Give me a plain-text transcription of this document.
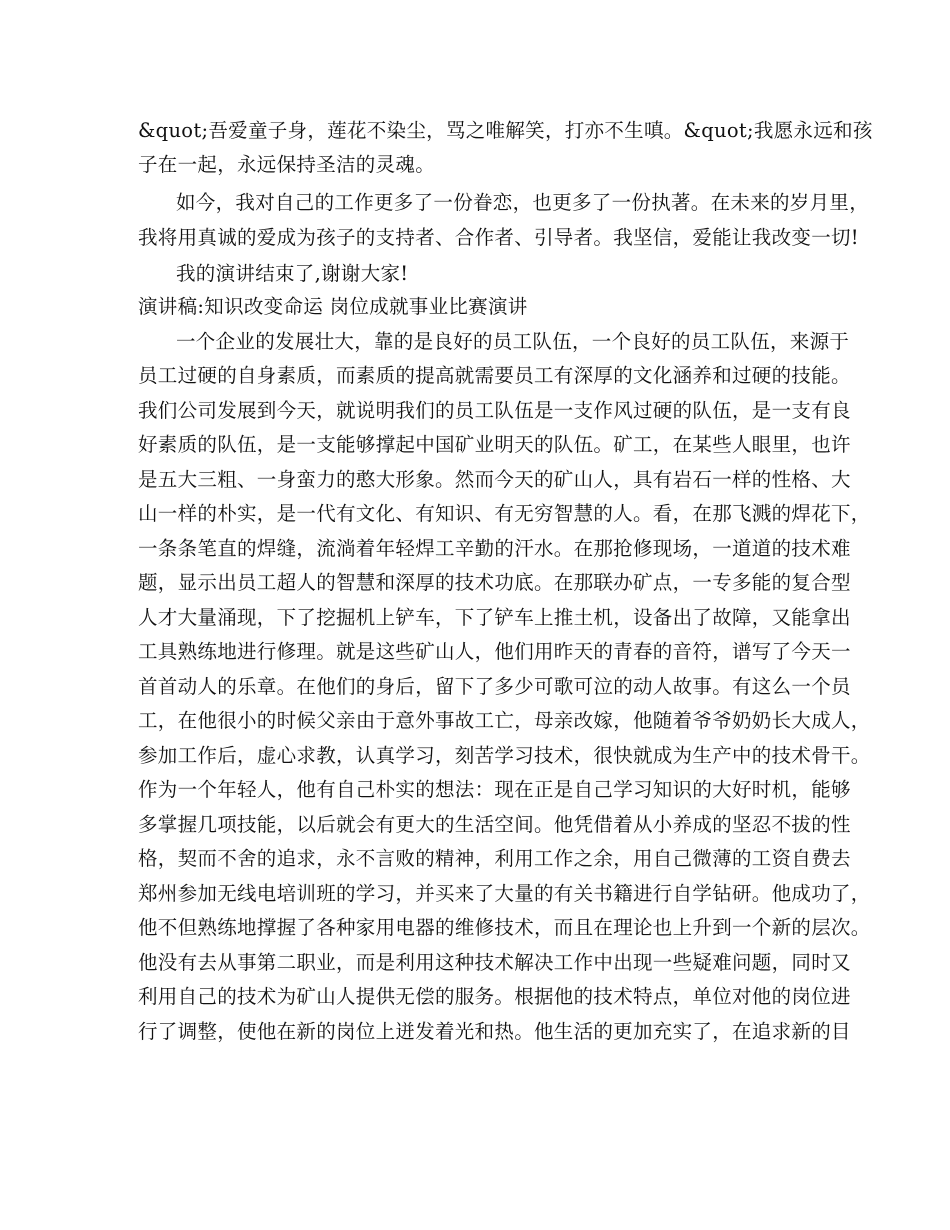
&quot;吾爱童子身，莲花不染尘，骂之唯解笑，打亦不生嗔。&quot;我愿永远和孩
子在一起，永远保持圣洁的灵魂。
如今，我对自己的工作更多了一份眷恋，也更多了一份执著。在未来的岁月里，
我将用真诚的爱成为孩子的支持者、合作者、引导者。我坚信，爱能让我改变一切!
我的演讲结束了,谢谢大家!
演讲稿:知识改变命运 岗位成就事业比赛演讲
一个企业的发展壮大，靠的是良好的员工队伍，一个良好的员工队伍，来源于
员工过硬的自身素质，而素质的提高就需要员工有深厚的文化涵养和过硬的技能。
我们公司发展到今天，就说明我们的员工队伍是一支作风过硬的队伍，是一支有良
好素质的队伍，是一支能够撑起中国矿业明天的队伍。矿工，在某些人眼里，也许
是五大三粗、一身蛮力的憨大形象。然而今天的矿山人，具有岩石一样的性格、大
山一样的朴实，是一代有文化、有知识、有无穷智慧的人。看，在那飞溅的焊花下，
一条条笔直的焊缝，流淌着年轻焊工辛勤的汗水。在那抢修现场，一道道的技术难
题，显示出员工超人的智慧和深厚的技术功底。在那联办矿点，一专多能的复合型
人才大量涌现，下了挖掘机上铲车，下了铲车上推土机，设备出了故障，又能拿出
工具熟练地进行修理。就是这些矿山人，他们用昨天的青春的音符，谱写了今天一
首首动人的乐章。在他们的身后，留下了多少可歌可泣的动人故事。有这么一个员
工，在他很小的时候父亲由于意外事故工亡，母亲改嫁，他随着爷爷奶奶长大成人，
参加工作后，虚心求教，认真学习，刻苦学习技术，很快就成为生产中的技术骨干。
作为一个年轻人，他有自己朴实的想法：现在正是自己学习知识的大好时机，能够
多掌握几项技能，以后就会有更大的生活空间。他凭借着从小养成的坚忍不拔的性
格，契而不舍的追求，永不言败的精神，利用工作之余，用自己微薄的工资自费去
郑州参加无线电培训班的学习，并买来了大量的有关书籍进行自学钻研。他成功了，
他不但熟练地撑握了各种家用电器的维修技术，而且在理论也上升到一个新的层次。
他没有去从事第二职业，而是利用这种技术解决工作中出现一些疑难问题，同时又
利用自己的技术为矿山人提供无偿的服务。根据他的技术特点，单位对他的岗位进
行了调整，使他在新的岗位上迸发着光和热。他生活的更加充实了，在追求新的目
